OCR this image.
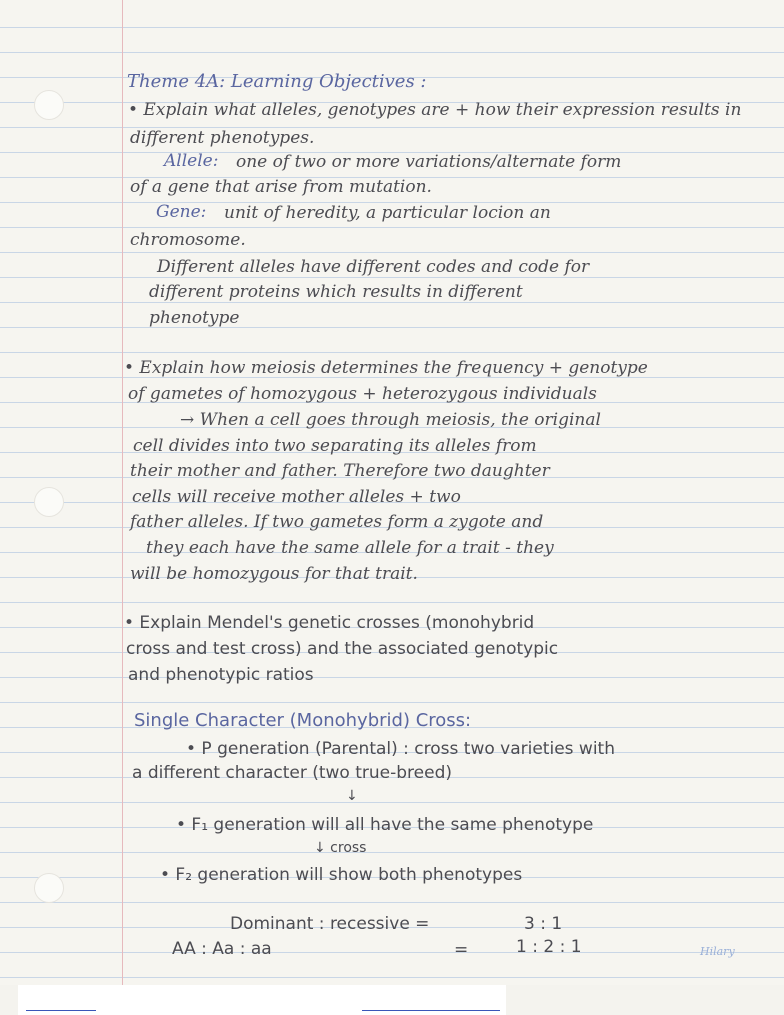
Theme 4A: Learning Objectives :

• Explain what alleles, genotypes are + how their expression results in

different phenotypes.

Allele: one of two or more variations/alternate form

of a gene that arise from mutation.

Gene: unit of heredity, a particular locion an

chromosome.

Different alleles have different codes and code for

different proteins which results in different

phenotype

• Explain how meiosis determines the frequency + genotype

of gametes of homozygous + heterozygous individuals

→ When a cell goes through meiosis, the original

cell divides into two separating its alleles from

their mother and father. Therefore two daughter

cells will receive mother alleles + two

father alleles. If two gametes form a zygote and

they each have the same allele for a trait - they

will be homozygous for that trait.

• Explain Mendel's genetic crosses (monohybrid

cross and test cross) and the associated genotypic

and phenotypic ratios

Single Character (Monohybrid) Cross:

• P generation (Parental) : cross two varieties with

a different character (two true-breed)

↓

• F₁ generation will all have the same phenotype

↓ cross

• F₂ generation will show both phenotypes

Dominant : recessive =	3 : 1

AA : Aa : aa	=	1 : 2 : 1	Hilary
